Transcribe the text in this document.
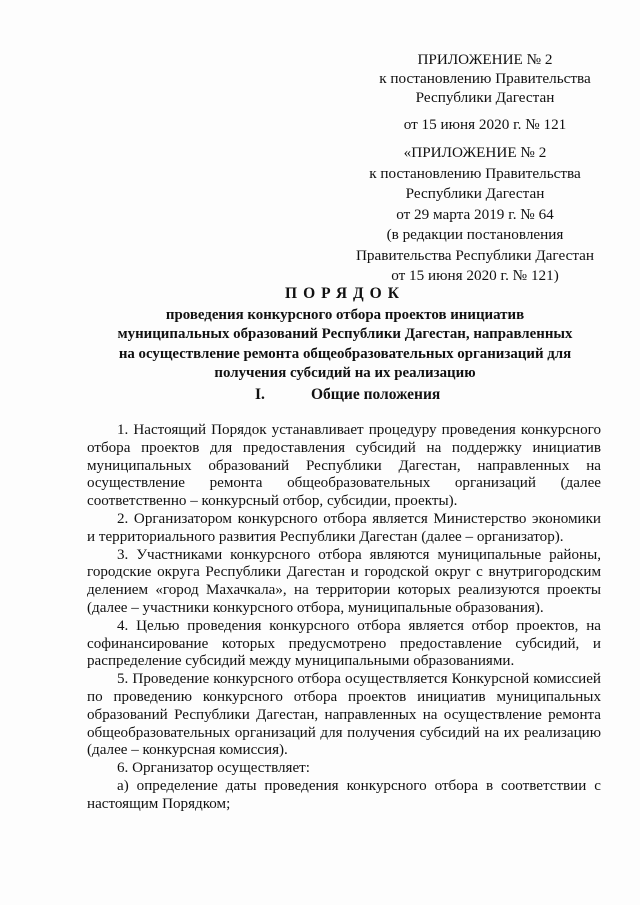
ПРИЛОЖЕНИЕ № 2
к постановлению Правительства
Республики Дагестан
от 15 июня 2020 г. № 121
«ПРИЛОЖЕНИЕ № 2
к постановлению Правительства
Республики Дагестан
от 29 марта 2019 г. № 64
(в редакции постановления
Правительства Республики Дагестан
от 15 июня 2020 г. № 121)
ПОРЯДОК
проведения конкурсного отбора проектов инициатив
муниципальных образований Республики Дагестан, направленных
на осуществление ремонта общеобразовательных организаций для
получения субсидий на их реализацию
I.	Общие положения

1. Настоящий Порядок устанавливает процедуру проведения конкурсного отбора проектов для предоставления субсидий на поддержку инициатив муниципальных образований Республики Дагестан, направленных на осуществление ремонта общеобразовательных организаций (далее соответственно – конкурсный отбор, субсидии, проекты).

2. Организатором конкурсного отбора является Министерство экономики и территориального развития Республики Дагестан (далее – организатор).

3. Участниками конкурсного отбора являются муниципальные районы, городские округа Республики Дагестан и городской округ с внутригородским делением «город Махачкала», на территории которых реализуются проекты (далее – участники конкурсного отбора, муниципальные образования).

4. Целью проведения конкурсного отбора является отбор проектов, на софинансирование которых предусмотрено предоставление субсидий, и распределение субсидий между муниципальными образованиями.

5. Проведение конкурсного отбора осуществляется Конкурсной комиссией по проведению конкурсного отбора проектов инициатив муниципальных образований Республики Дагестан, направленных на осуществление ремонта общеобразовательных организаций для получения субсидий на их реализацию (далее – конкурсная комиссия).

6. Организатор осуществляет:

а) определение даты проведения конкурсного отбора в соответствии с настоящим Порядком;
